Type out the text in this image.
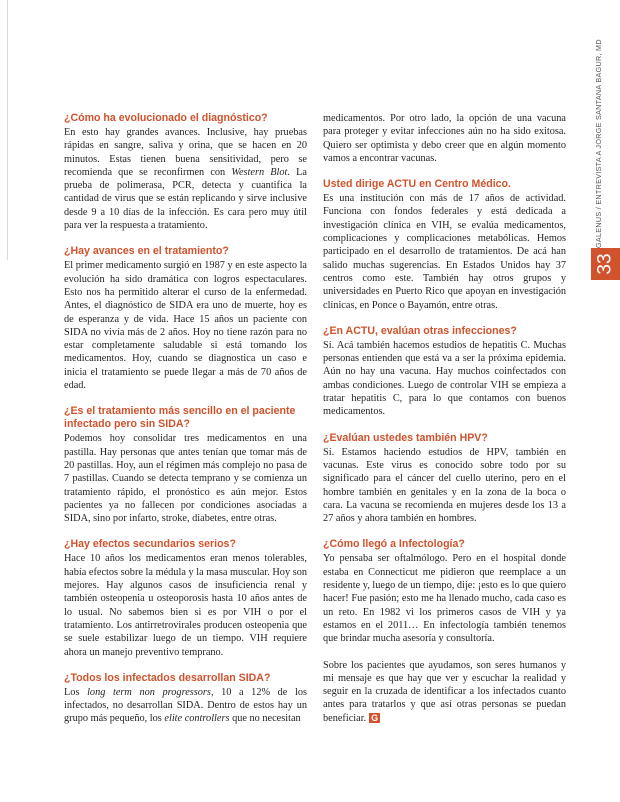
¿Cómo ha evolucionado el diagnóstico?

En esto hay grandes avances. Inclusive, hay pruebas rápidas en sangre, saliva y orina, que se hacen en 20 minutos. Estas tienen buena sensitividad, pero se recomienda que se reconfirmen con Western Blot. La prueba de polimerasa, PCR, detecta y cuantifica la cantidad de virus que se están replicando y sirve inclusive desde 9 a 10 días de la infección. Es cara pero muy útil para ver la respuesta a tratamiento.

¿Hay avances en el tratamiento?

El primer medicamento surgió en 1987 y en este aspecto la evolución ha sido dramática con logros espectaculares. Esto nos ha permitido alterar el curso de la enfermedad. Antes, el diagnóstico de SIDA era uno de muerte, hoy es de esperanza y de vida. Hace 15 años un paciente con SIDA no vivía más de 2 años. Hoy no tiene razón para no estar completamente saludable si está tomando los medicamentos. Hoy, cuando se diagnostica un caso e inicia el tratamiento se puede llegar a más de 70 años de edad.

¿Es el tratamiento más sencillo en el paciente infectado pero sin SIDA?

Podemos hoy consolidar tres medicamentos en una pastilla. Hay personas que antes tenían que tomar más de 20 pastillas. Hoy, aun el régimen más complejo no pasa de 7 pastillas. Cuando se detecta temprano y se comienza un tratamiento rápido, el pronóstico es aún mejor. Estos pacientes ya no fallecen por condiciones asociadas a SIDA, sino por infarto, stroke, diabetes, entre otras.

¿Hay efectos secundarios serios?

Hace 10 años los medicamentos eran menos tolerables, había efectos sobre la médula y la masa muscular. Hoy son mejores. Hay algunos casos de insuficiencia renal y también osteopenia u osteoporosis hasta 10 años antes de lo usual. No sabemos bien si es por VIH o por el tratamiento. Los antirretrovirales producen osteopenia que se suele estabilizar luego de un tiempo. VIH requiere ahora un manejo preventivo temprano.

¿Todos los infectados desarrollan SIDA?

Los long term non progressors, 10 a 12% de los infectados, no desarrollan SIDA. Dentro de estos hay un grupo más pequeño, los elite controllers que no necesitan

medicamentos. Por otro lado, la opción de una vacuna para proteger y evitar infecciones aún no ha sido exitosa. Quiero ser optimista y debo creer que en algún momento vamos a encontrar vacunas.

Usted dirige ACTU en Centro Médico.

Es una institución con más de 17 años de actividad. Funciona con fondos federales y está dedicada a investigación clínica en VIH, se evalúa medicamentos, complicaciones y complicaciones metabólicas. Hemos participado en el desarrollo de tratamientos. De acá han salido muchas sugerencias. En Estados Unidos hay 37 centros como este. También hay otros grupos y universidades en Puerto Rico que apoyan en investigación clínicas, en Ponce o Bayamón, entre otras.

¿En ACTU, evalúan otras infecciones?

Sí. Acá también hacemos estudios de hepatitis C. Muchas personas entienden que está va a ser la próxima epidemia. Aún no hay una vacuna. Hay muchos coinfectados con ambas condiciones. Luego de controlar VIH se empieza a tratar hepatitis C, para lo que contamos con buenos medicamentos.

¿Evalúan ustedes también HPV?

Sí. Estamos haciendo estudios de HPV, también en vacunas. Este virus es conocido sobre todo por su significado para el cáncer del cuello uterino, pero en el hombre también en genitales y en la zona de la boca o cara. La vacuna se recomienda en mujeres desde los 13 a 27 años y ahora también en hombres.

¿Cómo llegó a Infectología?

Yo pensaba ser oftalmólogo. Pero en el hospital donde estaba en Connecticut me pidieron que reemplace a un residente y, luego de un tiempo, dije: ¡esto es lo que quiero hacer! Fue pasión; esto me ha llenado mucho, cada caso es un reto. En 1982 vi los primeros casos de VIH y ya estamos en el 2011… En infectología también tenemos que brindar mucha asesoría y consultoría.

Sobre los pacientes que ayudamos, son seres humanos y mi mensaje es que hay que ver y escuchar la realidad y seguir en la cruzada de identificar a los infectados cuanto antes para tratarlos y que así otras personas se puedan beneficiar. G

GALENUS / ENTREVISTA A JORGE SANTANA BAGUR, MD
33
